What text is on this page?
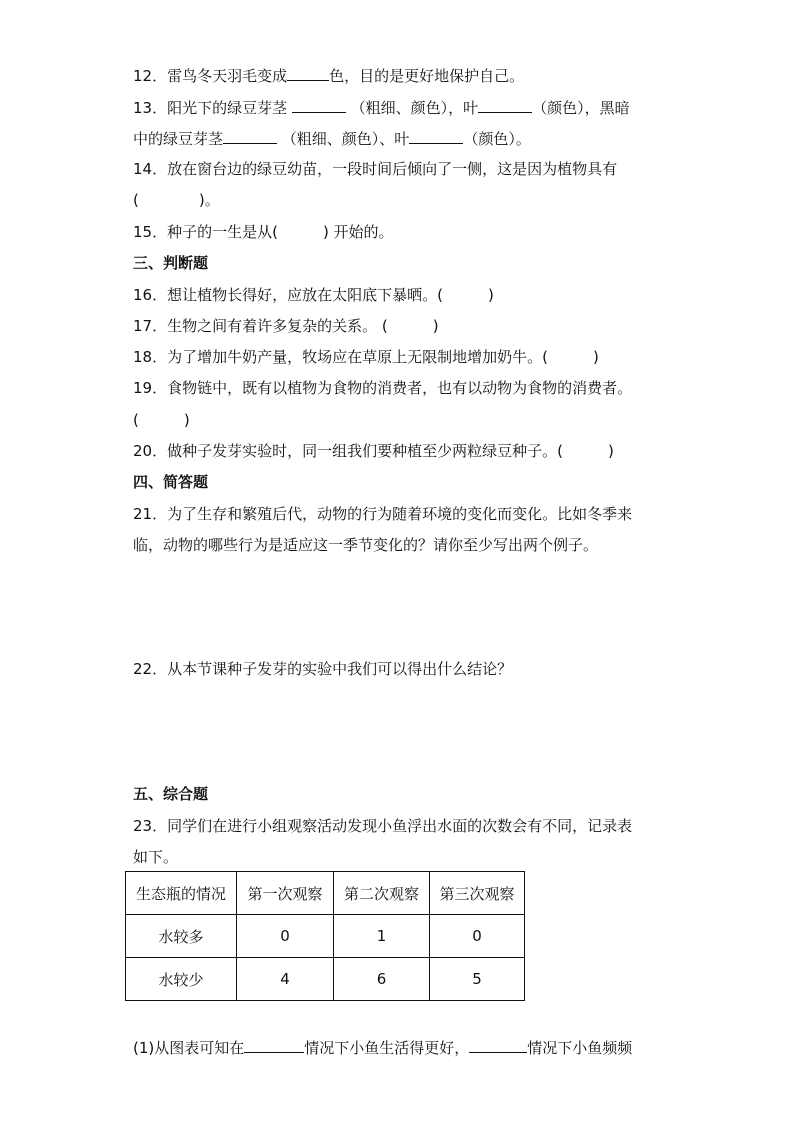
12．雷鸟冬天羽毛变成	色，目的是更好地保护自己。
13．阳光下的绿豆芽茎	（粗细、颜色），叶	（颜色），黑暗
中的绿豆芽茎	（粗细、颜色）、叶	（颜色）。
14．放在窗台边的绿豆幼苗，一段时间后倾向了一侧，这是因为植物具有
(　　　　)。
15．种子的一生是从(　　　) 开始的。
三、判断题
16．想让植物长得好，应放在太阳底下暴晒。(　　　)
17．生物之间有着许多复杂的关系。 (　　　)
18．为了增加牛奶产量，牧场应在草原上无限制地增加奶牛。(　　　)
19．食物链中，既有以植物为食物的消费者，也有以动物为食物的消费者。
(　　　)
20．做种子发芽实验时，同一组我们要种植至少两粒绿豆种子。(　　　)
四、简答题
21．为了生存和繁殖后代，动物的行为随着环境的变化而变化。比如冬季来
临，动物的哪些行为是适应这一季节变化的？请你至少写出两个例子。
22．从本节课种子发芽的实验中我们可以得出什么结论？
五、综合题
23．同学们在进行小组观察活动发现小鱼浮出水面的次数会有不同，记录表
如下。
生态瓶的情况	第一次观察	第二次观察	第三次观察
水较多	0	1	0
水较少	4	6	5
(1)从图表可知在	情况下小鱼生活得更好，	情况下小鱼频频
